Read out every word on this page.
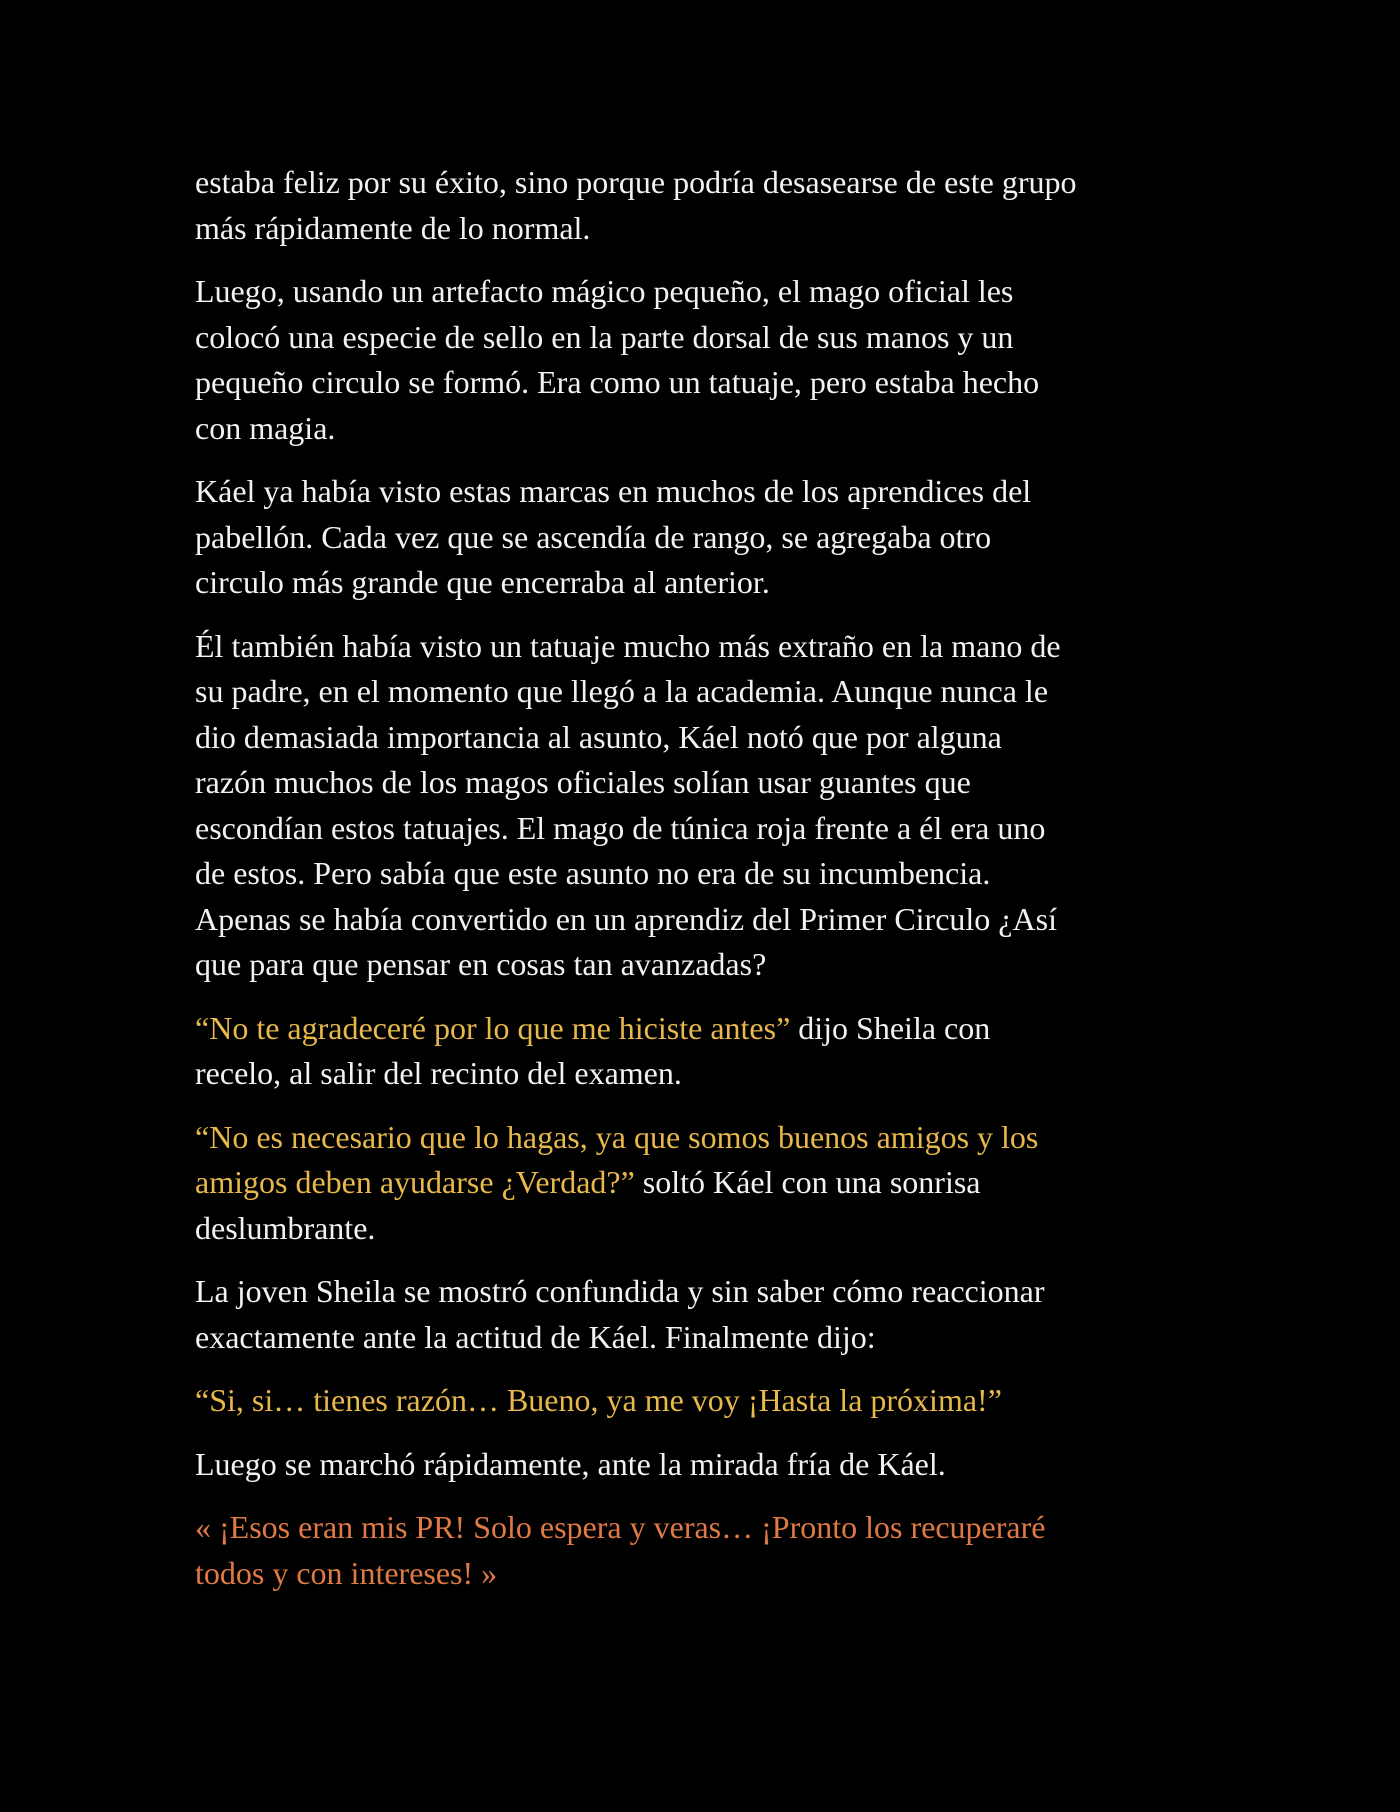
estaba feliz por su éxito, sino porque podría desasearse de este grupo
más rápidamente de lo normal.

Luego, usando un artefacto mágico pequeño, el mago oficial les
colocó una especie de sello en la parte dorsal de sus manos y un
pequeño circulo se formó. Era como un tatuaje, pero estaba hecho
con magia.

Káel ya había visto estas marcas en muchos de los aprendices del
pabellón. Cada vez que se ascendía de rango, se agregaba otro
circulo más grande que encerraba al anterior.

Él también había visto un tatuaje mucho más extraño en la mano de
su padre, en el momento que llegó a la academia. Aunque nunca le
dio demasiada importancia al asunto, Káel notó que por alguna
razón muchos de los magos oficiales solían usar guantes que
escondían estos tatuajes. El mago de túnica roja frente a él era uno
de estos. Pero sabía que este asunto no era de su incumbencia.
Apenas se había convertido en un aprendiz del Primer Circulo ¿Así
que para que pensar en cosas tan avanzadas?

“No te agradeceré por lo que me hiciste antes” dijo Sheila con
recelo, al salir del recinto del examen.

“No es necesario que lo hagas, ya que somos buenos amigos y los
amigos deben ayudarse ¿Verdad?” soltó Káel con una sonrisa
deslumbrante.

La joven Sheila se mostró confundida y sin saber cómo reaccionar
exactamente ante la actitud de Káel. Finalmente dijo:

“Si, si… tienes razón… Bueno, ya me voy ¡Hasta la próxima!”

Luego se marchó rápidamente, ante la mirada fría de Káel.

« ¡Esos eran mis PR! Solo espera y veras… ¡Pronto los recuperaré
todos y con intereses! »
